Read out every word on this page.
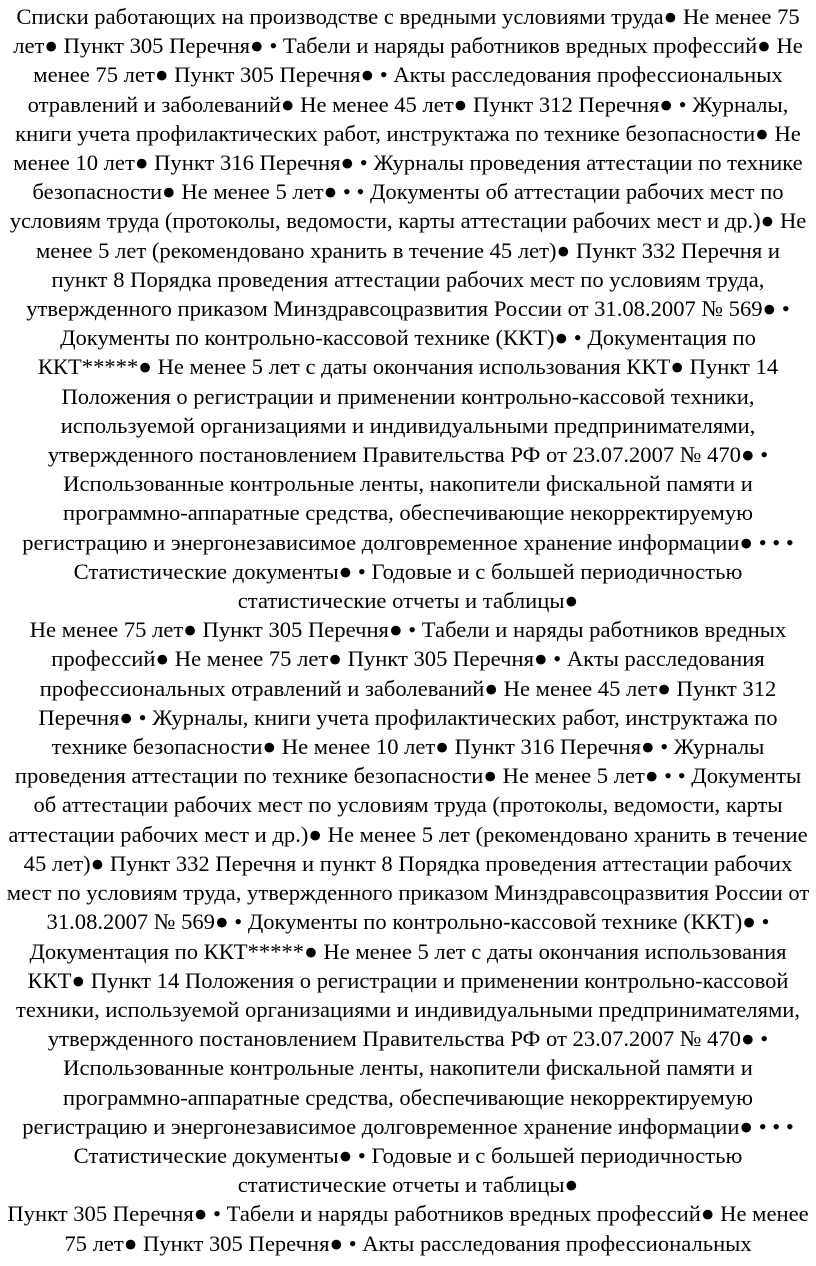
Списки работающих на производстве с вредными условиями труда● Не менее 75 лет● Пункт 305 Перечня● • Табели и наряды работников вредных профессий● Не менее 75 лет● Пункт 305 Перечня● • Акты расследования профессиональных отравлений и заболеваний● Не менее 45 лет● Пункт 312 Перечня● • Журналы, книги учета профилактических работ, инструктажа по технике безопасности● Не менее 10 лет● Пункт 316 Перечня● • Журналы проведения аттестации по технике безопасности● Не менее 5 лет● • • Документы об аттестации рабочих мест по условиям труда (протоколы, ведомости, карты аттестации рабочих мест и др.)● Не менее 5 лет (рекомендовано хранить в течение 45 лет)● Пункт 332 Перечня и пункт 8 Порядка проведения аттестации рабочих мест по условиям труда, утвержденного приказом Минздравсоцразвития России от 31.08.2007 № 569● • Документы по контрольно-кассовой технике (ККТ)● • Документация по ККТ*****● Не менее 5 лет с даты окончания использования ККТ● Пункт 14 Положения о регистрации и применении контрольно-кассовой техники, используемой организациями и индивидуальными предпринимателями, утвержденного постановлением Правительства РФ от 23.07.2007 № 470● • Использованные контрольные ленты, накопители фискальной памяти и программно-аппаратные средства, обеспечивающие некорректируемую регистрацию и энергонезависимое долговременное хранение информации● • • • Статистические документы● • Годовые и с большей периодичностью статистические отчеты и таблицы●

Не менее 75 лет● Пункт 305 Перечня● • Табели и наряды работников вредных профессий● Не менее 75 лет● Пункт 305 Перечня● • Акты расследования профессиональных отравлений и заболеваний● Не менее 45 лет● Пункт 312 Перечня● • Журналы, книги учета профилактических работ, инструктажа по технике безопасности● Не менее 10 лет● Пункт 316 Перечня● • Журналы проведения аттестации по технике безопасности● Не менее 5 лет● • • Документы об аттестации рабочих мест по условиям труда (протоколы, ведомости, карты аттестации рабочих мест и др.)● Не менее 5 лет (рекомендовано хранить в течение 45 лет)● Пункт 332 Перечня и пункт 8 Порядка проведения аттестации рабочих мест по условиям труда, утвержденного приказом Минздравсоцразвития России от 31.08.2007 № 569● • Документы по контрольно-кассовой технике (ККТ)● • Документация по ККТ*****● Не менее 5 лет с даты окончания использования ККТ● Пункт 14 Положения о регистрации и применении контрольно-кассовой техники, используемой организациями и индивидуальными предпринимателями, утвержденного постановлением Правительства РФ от 23.07.2007 № 470● • Использованные контрольные ленты, накопители фискальной памяти и программно-аппаратные средства, обеспечивающие некорректируемую регистрацию и энергонезависимое долговременное хранение информации● • • • Статистические документы● • Годовые и с большей периодичностью статистические отчеты и таблицы●

Пункт 305 Перечня● • Табели и наряды работников вредных профессий● Не менее 75 лет● Пункт 305 Перечня● • Акты расследования профессиональных
